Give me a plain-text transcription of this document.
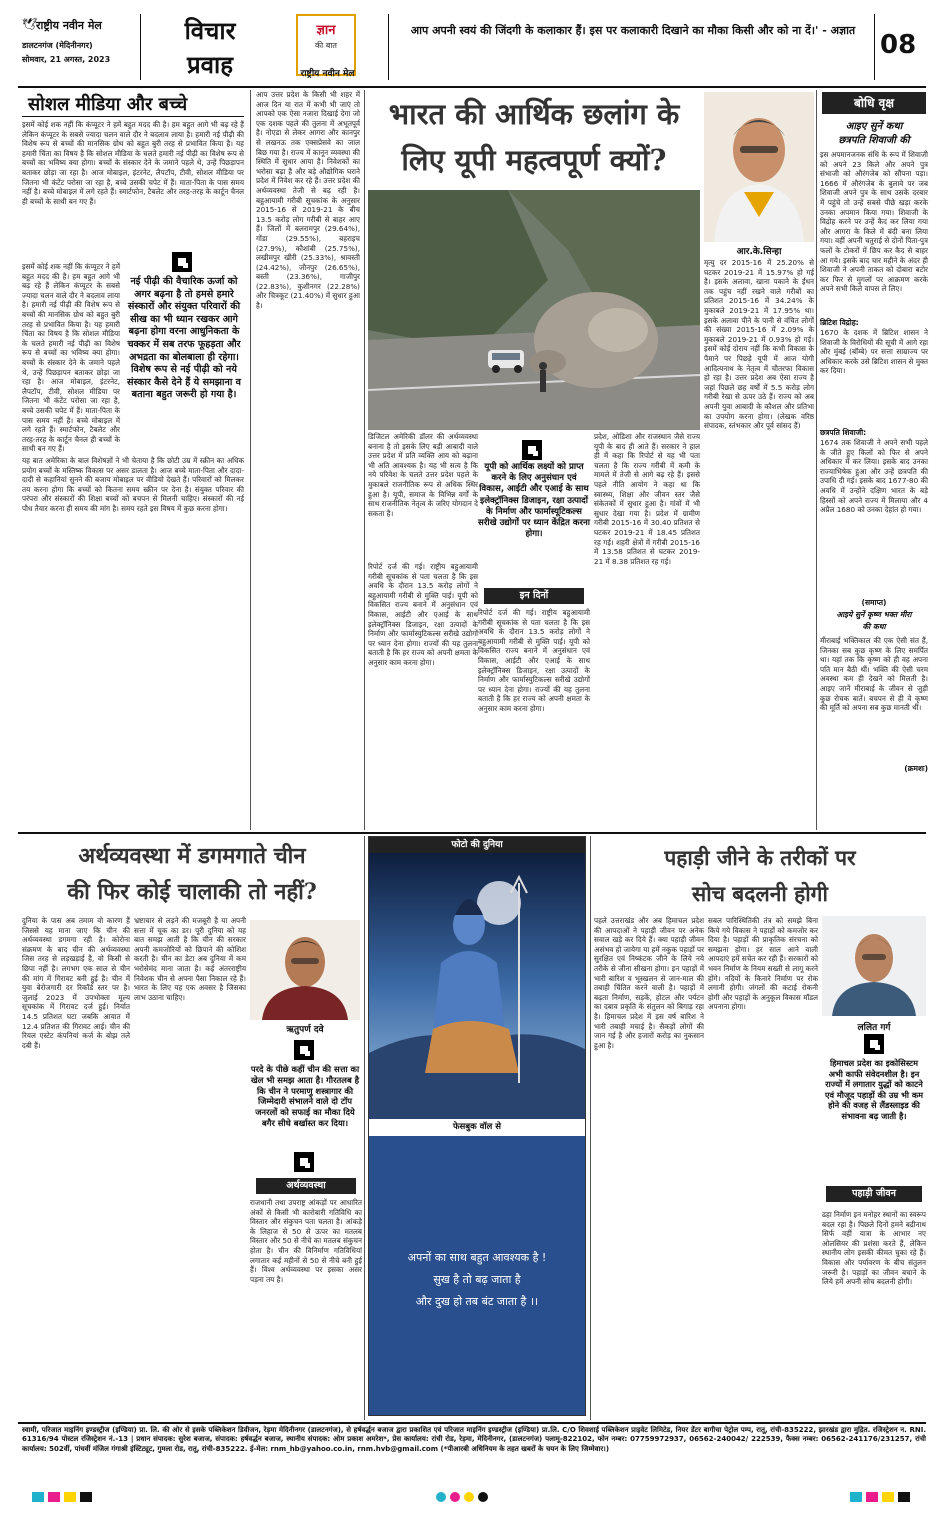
🕊
राष्ट्रीय नवीन मेल
डालटनगंज (मेदिनीनगर)
सोमवार, 21 अगस्त, 2023
विचार
प्रवाह
ज्ञान
की बात
राष्ट्रीय नवीन मेल
आप अपनी स्वयं की जिंदगी के कलाकार हैं। इस पर कलाकारी दिखाने का मौका किसी और को ना दें।' - अज्ञात 08
सोशल मीडिया और बच्चे
इसमें कोई शक नहीं कि कंप्यूटर ने हमें बहुत मदद की है। हम बहुत आगे भी बढ़ रहे हैं लेकिन कंप्यूटर के सबसे ज्यादा चलन वाले दौर ने बदलाव लाया है। हमारी नई पीढ़ी की विशेष रूप से बच्चों की मानसिक ग्रोथ को बहुत बुरी तरह से प्रभावित किया है। यह हमारी चिंता का विषय है कि सोशल मीडिया के चलते हमारी नई पीढ़ी का विशेष रूप से बच्चों का भविष्य क्या होगा। बच्चों के संस्कार देने के जमाने पहले थे, उन्हें पिछड़ापन बताकर छोड़ा जा रहा है। आज मोबाइल, इंटरनेट, लैपटॉप, टीवी, सोशल मीडिया पर जितना भी कंटेंट परोसा जा रहा है, बच्चे उसकी चपेट में हैं। माता-पिता के पास समय नहीं है। बच्चे मोबाइल में लगे रहते हैं। स्मार्टफोन, टैबलेट और तरह-तरह के कार्टून चैनल ही बच्चों के साथी बन गए हैं।
इसमें कोई शक नहीं कि कंप्यूटर ने हमें बहुत मदद की है। हम बहुत आगे भी बढ़ रहे हैं लेकिन कंप्यूटर के सबसे ज्यादा चलन वाले दौर ने बदलाव लाया है। हमारी नई पीढ़ी की विशेष रूप से बच्चों की मानसिक ग्रोथ को बहुत बुरी तरह से प्रभावित किया है। यह हमारी चिंता का विषय है कि सोशल मीडिया के चलते हमारी नई पीढ़ी का विशेष रूप से बच्चों का भविष्य क्या होगा। बच्चों के संस्कार देने के जमाने पहले थे, उन्हें पिछड़ापन बताकर छोड़ा जा रहा है। आज मोबाइल, इंटरनेट, लैपटॉप, टीवी, सोशल मीडिया पर जितना भी कंटेंट परोसा जा रहा है, बच्चे उसकी चपेट में हैं। माता-पिता के पास समय नहीं है। बच्चे मोबाइल में लगे रहते हैं। स्मार्टफोन, टैबलेट और तरह-तरह के कार्टून चैनल ही बच्चों के साथी बन गए हैं।
नई पीढ़ी की वैचारिक ऊर्जा को अगर बढ़ना है तो हमसे हमारे संस्कारों और संयुक्त परिवारों की सीख का भी ध्यान रखकर आगे बढ़ना होगा वरना आधुनिकता के चक्कर में सब तरफ फूहड़ता और अभद्रता का बोलबाला ही रहेगा। विशेष रूप से नई पीढ़ी को नये संस्कार कैसे देने हैं ये समझाना व बताना बहुत जरूरी हो गया है।
यह बात अमेरिका के बाल विशेषज्ञों ने भी चेताया है कि छोटी उम्र में स्क्रीन का अधिक प्रयोग बच्चों के मस्तिष्क विकास पर असर डालता है। आज बच्चे माता-पिता और दादा-दादी से कहानियां सुनने की बजाय मोबाइल पर वीडियो देखते हैं। परिवारों को मिलकर तय करना होगा कि बच्चों को कितना समय स्क्रीन पर देना है। संयुक्त परिवार की परंपरा और संस्कारों की शिक्षा बच्चों को बचपन से मिलनी चाहिए। संस्कारों की नई पौध तैयार करना ही समय की मांग है। समय रहते इस विषय में कुछ करना होगा।
आप उत्तर प्रदेश के किसी भी शहर में आज दिन या रात में कभी भी जाएं तो आपको एक ऐसा नजारा दिखाई देगा जो एक दशक पहले की तुलना में अभूतपूर्व है। नोएडा से लेकर आगरा और कानपुर से लखनऊ तक एक्सप्रेसवे का जाल बिछ गया है। राज्य में कानून व्यवस्था की स्थिति में सुधार आया है। निवेशकों का भरोसा बढ़ा है और बड़े औद्योगिक घराने प्रदेश में निवेश कर रहे हैं। उत्तर प्रदेश की अर्थव्यवस्था तेजी से बढ़ रही है। बहुआयामी गरीबी सूचकांक के अनुसार 2015-16 से 2019-21 के बीच 13.5 करोड़ लोग गरीबी से बाहर आए हैं। जिलों में बलरामपुर (29.64%), गोंडा (29.55%), बहराइच (27.9%), कौशांबी (25.75%), लखीमपुर खीरी (25.33%), श्रावस्ती (24.42%), जौनपुर (26.65%), बस्ती (23.36%), गाजीपुर (22.83%), कुशीनगर (22.28%) और चित्रकूट (21.40%) में सुधार हुआ है।
भारत की आर्थिक छलांग के
लिए यूपी महत्वपूर्ण क्यों?
डिजिटल अमेरिकी डॉलर की अर्थव्यवस्था बनाना है तो इसके लिए बड़ी आबादी वाले उत्तर प्रदेश में प्रति व्यक्ति आय को बढ़ाना भी अति आवश्यक है। यह भी सत्य है कि नये परिवेश के चलते उत्तर प्रदेश पहले के मुकाबले राजनीतिक रूप से अधिक स्थिर हुआ है। यूपी, समाज के विभिन्न वर्गों के साथ राजनीतिक नेतृत्व के जरिए योगदान दे सकता है।
यूपी को आर्थिक लक्ष्यों को प्राप्त करने के लिए अनुसंधान एवं विकास, आईटी और एआई के साथ इलेक्ट्रॉनिक्स डिजाइन, रक्षा उत्पादों के निर्माण और फार्मास्यूटिकल्स सरीखे उद्योगों पर ध्यान केंद्रित करना होगा।
इन दिनों
रिपोर्ट दर्ज की गई। राष्ट्रीय बहुआयामी गरीबी सूचकांक से पता चलता है कि इस अवधि के दौरान 13.5 करोड़ लोगों ने बहुआयामी गरीबी से मुक्ति पाई। यूपी को विकसित राज्य बनाने में अनुसंधान एवं विकास, आईटी और एआई के साथ इलेक्ट्रॉनिक्स डिजाइन, रक्षा उत्पादों के निर्माण और फार्मास्युटिकल्स सरीखे उद्योगों पर ध्यान देना होगा। राज्यों की यह तुलना बताती है कि हर राज्य को अपनी क्षमता के अनुसार काम करना होगा।
रिपोर्ट दर्ज की गई। राष्ट्रीय बहुआयामी गरीबी सूचकांक से पता चलता है कि इस अवधि के दौरान 13.5 करोड़ लोगों ने बहुआयामी गरीबी से मुक्ति पाई। यूपी को विकसित राज्य बनाने में अनुसंधान एवं विकास, आईटी और एआई के साथ इलेक्ट्रॉनिक्स डिजाइन, रक्षा उत्पादों के निर्माण और फार्मास्युटिकल्स सरीखे उद्योगों पर ध्यान देना होगा। राज्यों की यह तुलना बताती है कि हर राज्य को अपनी क्षमता के अनुसार काम करना होगा।
प्रदेश, ओडिशा और राजस्थान जैसे राज्य यूपी के बाद ही आते हैं। सरकार ने हाल ही में कहा कि रिपोर्ट से यह भी पता चलता है कि राज्य गरीबी में कमी के मामले में तेजी से आगे बढ़ रहे हैं। इससे पहले नीति आयोग ने कहा था कि स्वास्थ्य, शिक्षा और जीवन स्तर जैसे संकेतकों में सुधार हुआ है। गांवों में भी सुधार देखा गया है। प्रदेश में ग्रामीण गरीबी 2015-16 में 30.40 प्रतिशत से घटकर 2019-21 में 18.45 प्रतिशत रह गई। शहरी क्षेत्रों में गरीबी 2015-16 में 13.58 प्रतिशत से घटकर 2019-21 में 8.38 प्रतिशत रह गई।
आर.के.सिन्हा
मृत्यु दर 2015-16 में 25.20% से घटकर 2019-21 में 15.97% हो गई है। इसके अलावा, खाना पकाने के ईंधन तक पहुंच नहीं रखने वाले गरीबों का प्रतिशत 2015-16 में 34.24% के मुकाबले 2019-21 में 17.95% था। इसके अलावा पीने के पानी से वंचित लोगों की संख्या 2015-16 में 2.09% के मुकाबले 2019-21 में 0.93% हो गई। इसमें कोई दोराय नहीं कि कभी विकास के पैमाने पर पिछड़े यूपी में आज योगी आदित्यनाथ के नेतृत्व में चौतरफा विकास हो रहा है। उत्तर प्रदेश अब ऐसा राज्य है जहां पिछले छह वर्षों में 5.5 करोड़ लोग गरीबी रेखा से ऊपर उठे हैं। राज्य को अब अपनी युवा आबादी के कौशल और प्रतिभा का उपयोग करना होगा। (लेखक वरिष्ठ संपादक, स्तंभकार और पूर्व सांसद हैं)
बोधि वृक्ष
आइए सुनें कथा
छत्रपति शिवाजी की
इस अपमानजनक संधि के रूप में शिवाजी को अपने 23 किले और अपने पुत्र संभाजी को औरंगजेब को सौंपना पड़ा। 1666 में औरंगजेब के बुलावे पर जब शिवाजी अपने पुत्र के साथ उसके दरबार में पहुंचे तो उन्हें सबसे पीछे खड़ा करके उनका अपमान किया गया। शिवाजी के विद्रोह करने पर उन्हें कैद कर लिया गया और आगरा के किले में बंदी बना लिया गया। वहीं अपनी चतुराई से दोनों पिता-पुत्र फलों के टोकरों में छिप कर कैद से बाहर आ गये। इसके बाद चार महीने के अंदर ही शिवाजी ने अपनी ताकत को दोबारा बटोर कर फिर से मुगलों पर आक्रमण करके अपने सभी किले वापस ले लिए।
ब्रिटिश विद्रोह:
1670 के दशक में ब्रिटिश शासन ने शिवाजी के विरोधियों की सूची में आगे रहा और मुंबई (बॉम्बे) पर सत्ता साम्राज्य पर अधिकार करके उसे ब्रिटिश शासन से मुक्त कर दिया।
छत्रपति शिवाजी:
1674 तक शिवाजी ने अपने सभी पहले के जीते हुए किलों को फिर से अपने अधिकार में कर लिया। इसके बाद उनका राज्याभिषेक हुआ और उन्हें छत्रपति की उपाधि दी गई। इसके बाद 1677-80 की अवधि में उन्होंने दक्षिण भारत के बड़े हिस्सों को अपने राज्य में मिलाया और 4 अप्रैल 1680 को उनका देहांत हो गया।
(समाप्त)
आइये सुनें कृष्ण भक्त मीरा
की कथा
मीराबाई भक्तिकाल की एक ऐसी संत हैं, जिनका सब कुछ कृष्ण के लिए समर्पित था। यहां तक कि कृष्ण को ही वह अपना पति मान बैठी थीं। भक्ति की ऐसी चरम अवस्था कम ही देखने को मिलती है। आइए जानें मीराबाई के जीवन से जुड़ी कुछ रोचक बातें। बचपन से ही वे कृष्ण की मूर्ति को अपना सब कुछ मानती थीं।
(क्रमशः)
अर्थव्यवस्था में डगमगाते चीन
की फिर कोई चालाकी तो नहीं?
दुनिया के पास अब तमाम वो कारण हैं जिससे यह माना जाए कि चीन की अर्थव्यवस्था डगमगा रही है। कोरोना संक्रमण के बाद चीन की अर्थव्यवस्था जिस तरह से लड़खड़ाई है, वो किसी से छिपा नहीं है। लगभग एक साल से चीन की मांग में गिरावट बनी हुई है। चीन में युवा बेरोजगारी दर रिकॉर्ड स्तर पर है। जुलाई 2023 में उपभोक्ता मूल्य सूचकांक में गिरावट दर्ज हुई। निर्यात 14.5 प्रतिशत घटा जबकि आयात में 12.4 प्रतिशत की गिरावट आई। चीन की रियल एस्टेट कंपनियां कर्ज के बोझ तले दबी हैं।
भ्रष्टाचार से लड़ने की मजबूरी है या अपनी सत्ता में चूक का डर। पूरी दुनिया को यह बात समझ आती है कि चीन की सरकार अपनी कमजोरियों को छिपाने की कोशिश करती है। चीन का डेटा अब दुनिया में कम भरोसेमंद माना जाता है। कई अंतरराष्ट्रीय निवेशक चीन से अपना पैसा निकाल रहे हैं। भारत के लिए यह एक अवसर है जिसका लाभ उठाना चाहिए।
ऋतुपर्ण दवे
परदे के पीछे कहीं चीन की सत्ता का खेल भी समझ आता है। गौरतलब है कि चीन ने परमाणु शस्त्रागार की जिम्मेदारी संभालने वाले दो टॉप जनरलों को सफाई का मौका दिये बगैर सीधे बर्खास्त कर दिया।
अर्थव्यवस्था
राजधानी तथा उपराष्ट्र आंकड़ों पर आधारित अंकों से किसी भी कारोबारी गतिविधि का विस्तार और संकुचन पता चलता है। आंकड़े के लिहाज से 50 से ऊपर का मतलब विस्तार और 50 से नीचे का मतलब संकुचन होता है। चीन की विनिर्माण गतिविधियां लगातार कई महीनों से 50 से नीचे बनी हुई हैं। विश्व अर्थव्यवस्था पर इसका असर पड़ना तय है।
फोटो की दुनिया
फेसबुक वॉल से
अपनों का साथ बहुत आवश्यक है !
सुख है तो बढ़ जाता है
और दुख हो तब बंट जाता है ।।
पहाड़ी जीने के तरीकों पर
सोच बदलनी होगी
पहले उत्तराखंड और अब हिमाचल प्रदेश की आपदाओं ने पहाड़ी जीवन पर अनेक सवाल खड़े कर दिये हैं। क्या पहाड़ी जीवन असंभव हो जायेगा या हमें नकुक पहाड़ों पर सुरक्षित एवं निष्कंटक जीने के लिये नये तरीके से जीना सीखना होगा। इन पहाड़ों में भारी बारिश व भूस्खलन से जान-माल की तबाही चिंतित करने वाली है। पहाड़ों में बढ़ता निर्माण, सड़कें, होटल और पर्यटन का दबाव प्रकृति के संतुलन को बिगाड़ रहा है। हिमाचल प्रदेश में इस वर्ष बारिश ने भारी तबाही मचाई है। सैकड़ों लोगों की जान गई है और हजारों करोड़ का नुकसान हुआ है।
सबल पारिस्थितिकी तंत्र को समझे बिना किये गये विकास ने पहाड़ों को कमजोर कर दिया है। पहाड़ों की प्राकृतिक संरचना को समझना होगा। हर साल आने वाली आपदाएं हमें सचेत कर रही हैं। सरकारों को भवन निर्माण के नियम सख्ती से लागू करने होंगे। नदियों के किनारे निर्माण पर रोक लगानी होगी। जंगलों की कटाई रोकनी होगी और पहाड़ों के अनुकूल विकास मॉडल अपनाना होगा।
ललित गर्ग
हिमाचल प्रदेश का इकोसिस्टम अभी काफी संवेदनशील है। इन राज्यों में लगातार युद्धों को काटने एवं मौजूद पहाड़ों की उम्र भी कम होने की वजह से लैंडस्लाइड की संभावना बढ़ जाती है।
पहाड़ी जीवन
ढहा निर्माण इन मनोहर स्थानों का स्वरूप बदल रहा है। पिछले दिनों हमने बद्रीनाथ सिर्फ वहीं यात्रा के आभार नए ओलसियर की प्रशंसा करते हैं, लेकिन स्थानीय लोग इसकी कीमत चुका रहे हैं। विकास और पर्यावरण के बीच संतुलन जरूरी है। पहाड़ों का जीवन बचाने के लिये हमें अपनी सोच बदलनी होगी।
स्वामी, परिजात माइनिंग इण्डस्ट्रीज (इण्डिया) प्रा. लि. की ओर से इसके पब्लिकेशन डिवीजन, रेड़मा मेदिनीनगर (डालटनगंज), से हर्षवर्द्धन बजाज द्वारा प्रकाशित एवं परिजात माइनिंग इण्डस्ट्रीज (इण्डिया) प्रा.लि. C/O शिवशाई पब्लिकेशन प्राइवेट लिमिटेड, नियर डेंटर बागीचा पेट्रोल पम्प, रातू, रांची-835222, झारखंड द्वारा मुद्रित. रजिस्ट्रेशन न. RNI. 61316/94 पोस्टल रजिस्ट्रेशन नं.-13 | प्रधान संपादक: सुरेश बजाज, संपादक: हर्षवर्द्धन बजाज, स्थानीय संपादक: ओम प्रकाश अमरेश*, प्रेस कार्यालय: रांची रोड, रेड़मा, मेदिनीनगर, (डालटनगंज) पलामू-822102, फोन नम्बर: 07759972937, 06562-240042/ 222539, फैक्स नम्बर: 06562-241176/231257, रांची कार्यालय: 502वीं, पांचवीं मंजिल गंगाश्री इंस्टिट्यूट, गुमला रोड, रातू, रांची-835222. ई-मेल: rnm_hb@yahoo.co.in, rnm.hvb@gmail.com (*पीआरबी अधिनियम के तहत खबरों के चयन के लिए जिम्मेवार।)
